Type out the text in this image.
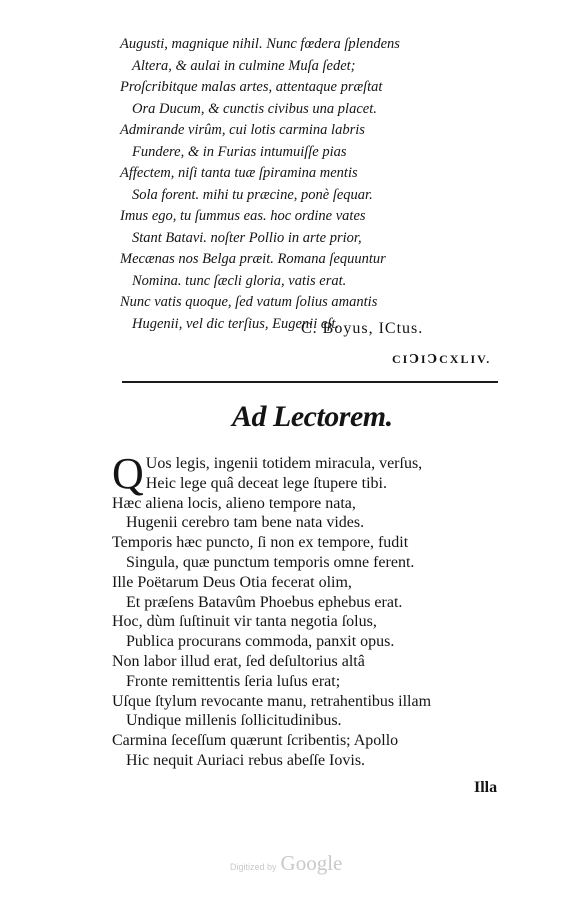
Augusti, magnique nihil. Nunc fœdera ſplendens
Altera, & aulai in culmine Muſa ſedet;
Proſcribitque malas artes, attentaque præſtat
Ora Ducum, & cunctis civibus una placet.
Admirande virûm, cui lotis carmina labris
Fundere, & in Furias intumuiſſe pias
Affectem, niſi tanta tuæ ſpiramina mentis
Sola forent. mihi tu præcine, ponè ſequar.
Imus ego, tu ſummus eas. hoc ordine vates
Stant Batavi. noſter Pollio in arte prior,
Mecænas nos Belga præit. Romana ſequuntur
Nomina. tunc ſæcli gloria, vatis erat.
Nunc vatis quoque, ſed vatum ſolius amantis
Hugenii, vel dic terſius, Eugenii eſt.
C. Boyus, ICtus.
CIↃIↃCXLIV.
Ad Lectorem.
Q Uos legis, ingenii totidem miracula, verſus,
Heic lege quâ deceat lege ſtupere tibi.
Hæc aliena locis, alieno tempore nata,
Hugenii cerebro tam bene nata vides.
Temporis hæc puncto, ſi non ex tempore, fudit
Singula, quæ punctum temporis omne ferent.
Ille Poëtarum Deus Otia fecerat olim,
Et præſens Batavûm Phoebus ephebus erat.
Hoc, dùm ſuſtinuit vir tanta negotia ſolus,
Publica procurans commoda, panxit opus.
Non labor illud erat, ſed deſultorius altâ
Fronte remittentis ſeria luſus erat;
Uſque ſtylum revocante manu, retrahentibus illam
Undique millenis ſollicitudinibus.
Carmina ſeceſſum quærunt ſcribentis; Apollo
Hic nequit Auriaci rebus abeſſe Iovis.
Illa
Digitized by Google
